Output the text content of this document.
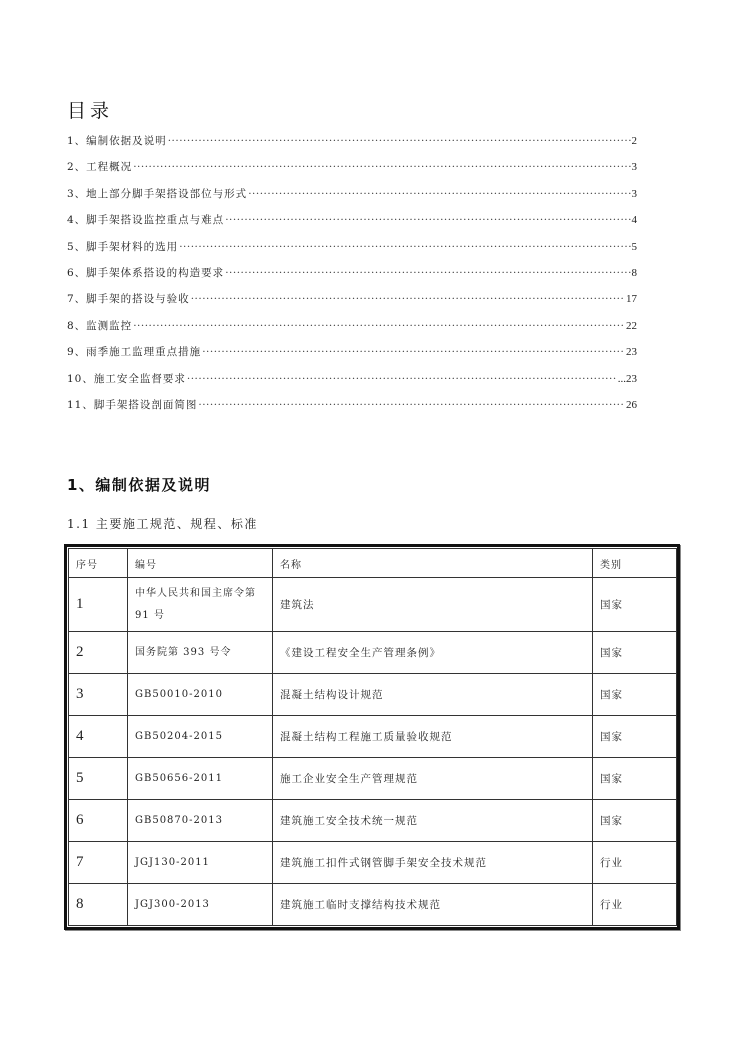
目录
1、编制依据及说明 ·····	2
2、工程概况 ·····	3
3、地上部分脚手架搭设部位与形式 ·····	3
4、脚手架搭设监控重点与难点 ·····	4
5、脚手架材料的选用 ·····	5
6、脚手架体系搭设的构造要求 ·····	8
7、脚手架的搭设与验收 ·····	17
8、监测监控 ·····	22
9、雨季施工监理重点措施 ·····	23
10、施工安全监督要求 ·····	...23
11、脚手架搭设剖面简图 ·····	26
1、编制依据及说明
1.1 主要施工规范、规程、标准
序号	编号	名称	类别
1	中华人民共和国主席令第 91 号	建筑法	国家
2	国务院第 393 号令	《建设工程安全生产管理条例》	国家
3	GB50010-2010	混凝土结构设计规范	国家
4	GB50204-2015	混凝土结构工程施工质量验收规范	国家
5	GB50656-2011	施工企业安全生产管理规范	国家
6	GB50870-2013	建筑施工安全技术统一规范	国家
7	JGJ130-2011	建筑施工扣件式钢管脚手架安全技术规范	行业
8	JGJ300-2013	建筑施工临时支撑结构技术规范	行业
